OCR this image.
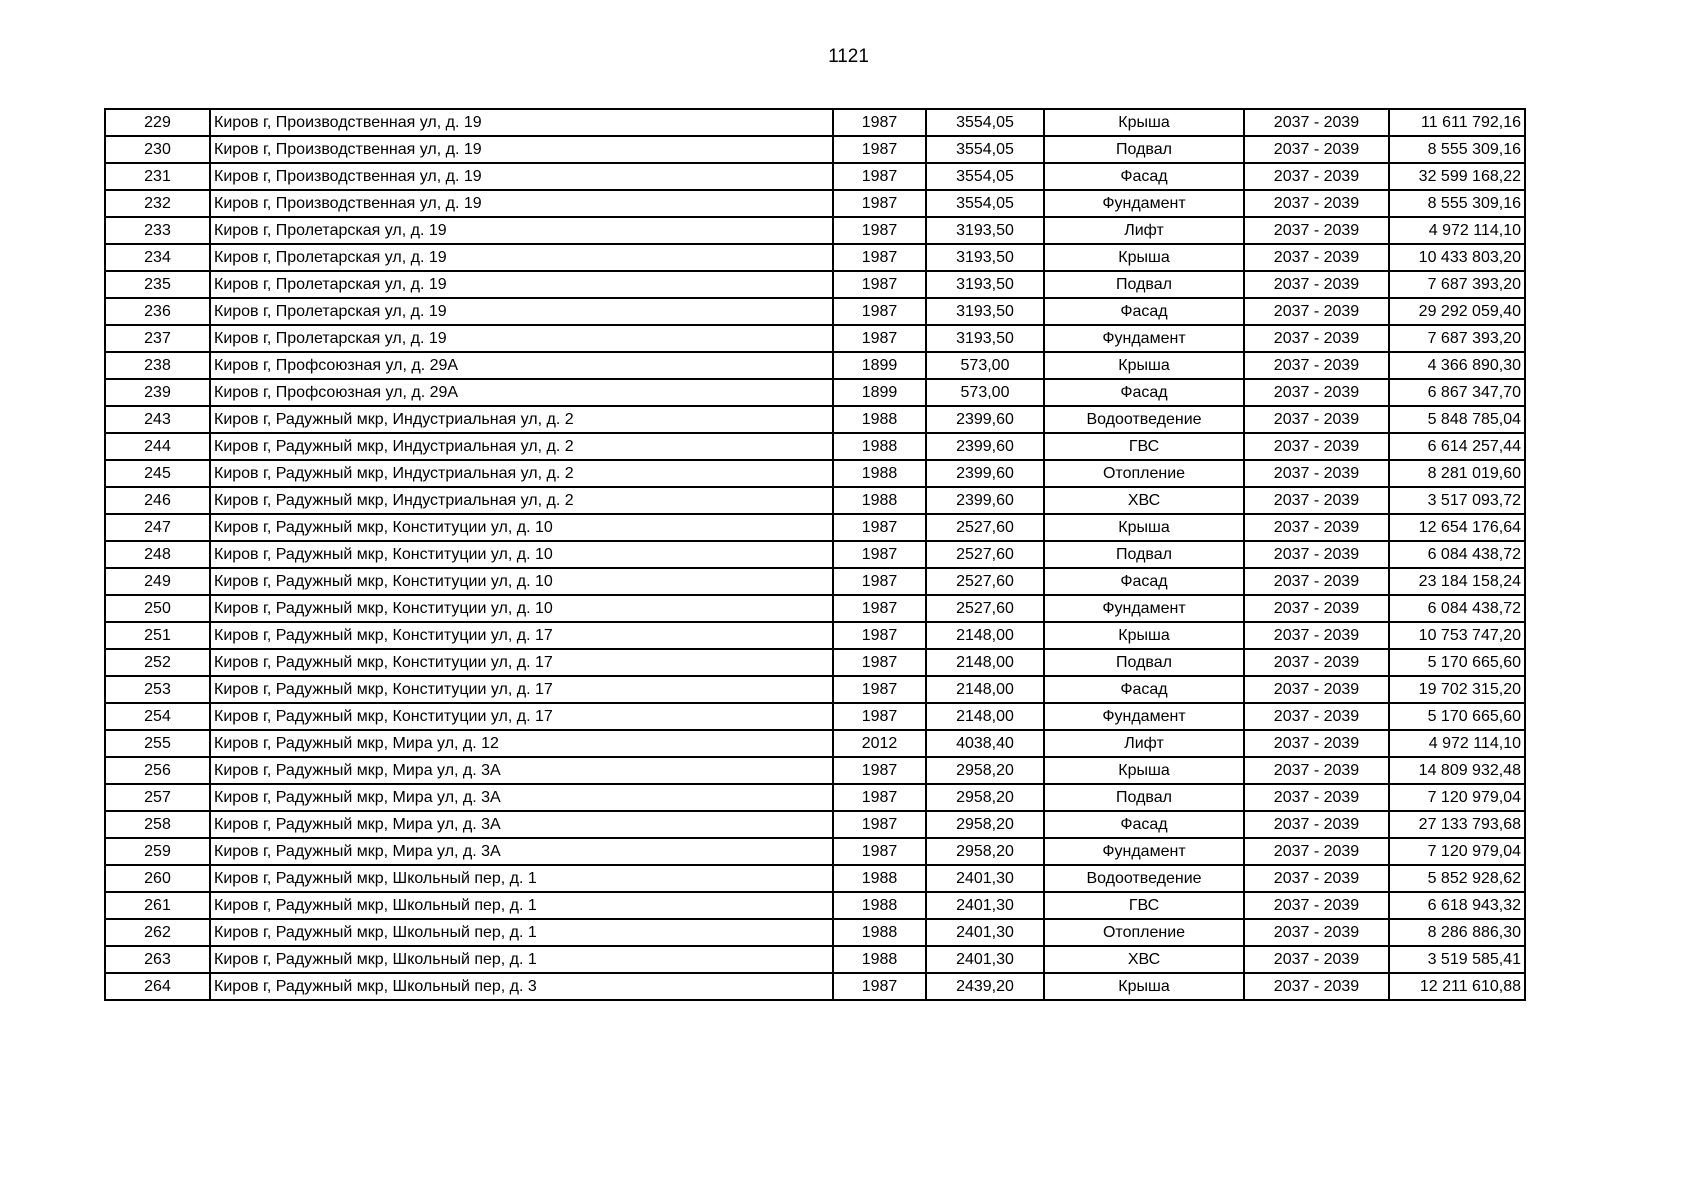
1121
229	Киров г, Производственная ул, д. 19	1987	3554,05	Крыша	2037 - 2039	11 611 792,16
230	Киров г, Производственная ул, д. 19	1987	3554,05	Подвал	2037 - 2039	8 555 309,16
231	Киров г, Производственная ул, д. 19	1987	3554,05	Фасад	2037 - 2039	32 599 168,22
232	Киров г, Производственная ул, д. 19	1987	3554,05	Фундамент	2037 - 2039	8 555 309,16
233	Киров г, Пролетарская ул, д. 19	1987	3193,50	Лифт	2037 - 2039	4 972 114,10
234	Киров г, Пролетарская ул, д. 19	1987	3193,50	Крыша	2037 - 2039	10 433 803,20
235	Киров г, Пролетарская ул, д. 19	1987	3193,50	Подвал	2037 - 2039	7 687 393,20
236	Киров г, Пролетарская ул, д. 19	1987	3193,50	Фасад	2037 - 2039	29 292 059,40
237	Киров г, Пролетарская ул, д. 19	1987	3193,50	Фундамент	2037 - 2039	7 687 393,20
238	Киров г, Профсоюзная ул, д. 29А	1899	573,00	Крыша	2037 - 2039	4 366 890,30
239	Киров г, Профсоюзная ул, д. 29А	1899	573,00	Фасад	2037 - 2039	6 867 347,70
243	Киров г, Радужный мкр, Индустриальная ул, д. 2	1988	2399,60	Водоотведение	2037 - 2039	5 848 785,04
244	Киров г, Радужный мкр, Индустриальная ул, д. 2	1988	2399,60	ГВС	2037 - 2039	6 614 257,44
245	Киров г, Радужный мкр, Индустриальная ул, д. 2	1988	2399,60	Отопление	2037 - 2039	8 281 019,60
246	Киров г, Радужный мкр, Индустриальная ул, д. 2	1988	2399,60	ХВС	2037 - 2039	3 517 093,72
247	Киров г, Радужный мкр, Конституции ул, д. 10	1987	2527,60	Крыша	2037 - 2039	12 654 176,64
248	Киров г, Радужный мкр, Конституции ул, д. 10	1987	2527,60	Подвал	2037 - 2039	6 084 438,72
249	Киров г, Радужный мкр, Конституции ул, д. 10	1987	2527,60	Фасад	2037 - 2039	23 184 158,24
250	Киров г, Радужный мкр, Конституции ул, д. 10	1987	2527,60	Фундамент	2037 - 2039	6 084 438,72
251	Киров г, Радужный мкр, Конституции ул, д. 17	1987	2148,00	Крыша	2037 - 2039	10 753 747,20
252	Киров г, Радужный мкр, Конституции ул, д. 17	1987	2148,00	Подвал	2037 - 2039	5 170 665,60
253	Киров г, Радужный мкр, Конституции ул, д. 17	1987	2148,00	Фасад	2037 - 2039	19 702 315,20
254	Киров г, Радужный мкр, Конституции ул, д. 17	1987	2148,00	Фундамент	2037 - 2039	5 170 665,60
255	Киров г, Радужный мкр, Мира ул, д. 12	2012	4038,40	Лифт	2037 - 2039	4 972 114,10
256	Киров г, Радужный мкр, Мира ул, д. 3А	1987	2958,20	Крыша	2037 - 2039	14 809 932,48
257	Киров г, Радужный мкр, Мира ул, д. 3А	1987	2958,20	Подвал	2037 - 2039	7 120 979,04
258	Киров г, Радужный мкр, Мира ул, д. 3А	1987	2958,20	Фасад	2037 - 2039	27 133 793,68
259	Киров г, Радужный мкр, Мира ул, д. 3А	1987	2958,20	Фундамент	2037 - 2039	7 120 979,04
260	Киров г, Радужный мкр, Школьный пер, д. 1	1988	2401,30	Водоотведение	2037 - 2039	5 852 928,62
261	Киров г, Радужный мкр, Школьный пер, д. 1	1988	2401,30	ГВС	2037 - 2039	6 618 943,32
262	Киров г, Радужный мкр, Школьный пер, д. 1	1988	2401,30	Отопление	2037 - 2039	8 286 886,30
263	Киров г, Радужный мкр, Школьный пер, д. 1	1988	2401,30	ХВС	2037 - 2039	3 519 585,41
264	Киров г, Радужный мкр, Школьный пер, д. 3	1987	2439,20	Крыша	2037 - 2039	12 211 610,88
